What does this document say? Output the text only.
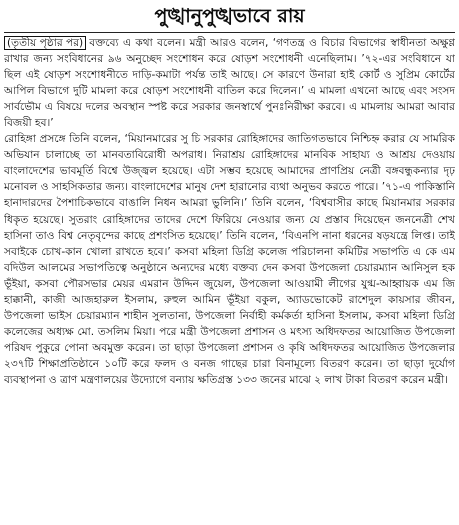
পুঙ্খানুপুঙ্খভাবে রায়

(তৃতীয় পৃষ্ঠার পর) বক্তব্যে এ কথা বলেন। মন্ত্রী আরও বলেন, ‘গণতন্ত্র ও বিচার বিভাগের স্বাধীনতা অক্ষুণ্ণ রাখার জন্য সংবিধানের ৯৬ অনুচ্ছেদ সংশোধন করে ষোড়শ সংশোধনী এনেছিলাম। ’৭২-এর সংবিধানে যা ছিল এই ষোড়শ সংশোধনীতে দাড়ি-কমাটা পর্যন্ত তাই আছে। সে কারণে উনারা হাই কোর্ট ও সুপ্রিম কোর্টের আপিল বিভাগে দুটি মামলা করে ষোড়শ সংশোধনী বাতিল করে দিলেন।’ এ মামলা এখনো আছে এবং সংসদ সার্বভৌম এ বিষয়ে দলের অবস্থান স্পষ্ট করে সরকার জনস্বার্থে পুনঃনিরীক্ষা করবে। এ মামলায় আমরা আবার বিজয়ী হব।’

রোহিঙ্গা প্রসঙ্গে তিনি বলেন, ‘মিয়ানমারের সু চি সরকার রোহিঙ্গাদের জাতিগতভাবে নিশ্চিহ্ন করার যে সামরিক অভিযান চালাচ্ছে তা মানবতাবিরোধী অপরাধ। নিরাশ্রয় রোহিঙ্গাদের মানবিক সাহায্য ও আশ্রয় দেওয়ায় বাংলাদেশের ভাবমূর্তি বিশ্বে উজ্জ্বল হয়েছে। এটা সম্ভব হয়েছে আমাদের প্রাণপ্রিয় নেত্রী বঙ্গবন্ধুকন্যার দৃঢ় মনোবল ও সাহসিকতার জন্য। বাংলাদেশের মানুষ দেশ হারানোর ব্যথা অনুভব করতে পারে। ’৭১-এ পাকিস্তানি হানাদারদের পৈশাচিকভাবে বাঙালি নিধন আমরা ভুলিনি।’ তিনি বলেন, ‘বিশ্ববাসীর কাছে মিয়ানমার সরকার ধিকৃত হয়েছে। সুতরাং রোহিঙ্গাদের তাদের দেশে ফিরিয়ে নেওয়ার জন্য যে প্রস্তাব দিয়েছেন জননেত্রী শেখ হাসিনা তাও বিশ্ব নেতৃবৃন্দের কাছে প্রশংসিত হয়েছে।’ তিনি বলেন, ‘বিএনপি নানা ধরনের ষড়যন্ত্রে লিপ্ত। তাই সবাইকে চোখ-কান খোলা রাখতে হবে।’ কসবা মহিলা ডিগ্রি কলেজ পরিচালনা কমিটির সভাপতি এ কে এম বদিউল আলমের সভাপতিত্বে অনুষ্ঠানে অন্যদের মধ্যে বক্তব্য দেন কসবা উপজেলা চেয়ারম্যান আনিসুল হক ভূঁইয়া, কসবা পৌরসভার মেয়র এমরান উদ্দিন জুয়েল, উপজেলা আওয়ামী লীগের যুগ্ম-আহ্বায়ক এম জি হাক্কানী, কাজী আজহারুল ইসলাম, রুহুল আমিন ভূঁইয়া বকুল, অ্যাডভোকেট রাশেদুল কায়সার জীবন, উপজেলা ভাইস চেয়ারম্যান শাহীন সুলতানা, উপজেলা নির্বাহী কর্মকর্তা হাসিনা ইসলাম, কসবা মহিলা ডিগ্রি কলেজের অধ্যক্ষ মো. তসলিম মিয়া। পরে মন্ত্রী উপজেলা প্রশাসন ও মৎস্য অধিদফতর আয়োজিত উপজেলা পরিষদ পুকুরে পোনা অবমুক্ত করেন। তা ছাড়া উপজেলা প্রশাসন ও কৃষি অধিদফতর আয়োজিত উপজেলার ২৩৭টি শিক্ষাপ্রতিষ্ঠানে ১০টি করে ফলদ ও বনজ গাছের চারা বিনামূল্যে বিতরণ করেন। তা ছাড়া দুর্যোগ ব্যবস্থাপনা ও ত্রাণ মন্ত্রণালয়ের উদ্যোগে বন্যায় ক্ষতিগ্রস্ত ১৩৩ জনের মাঝে ২ লাখ টাকা বিতরণ করেন মন্ত্রী।
